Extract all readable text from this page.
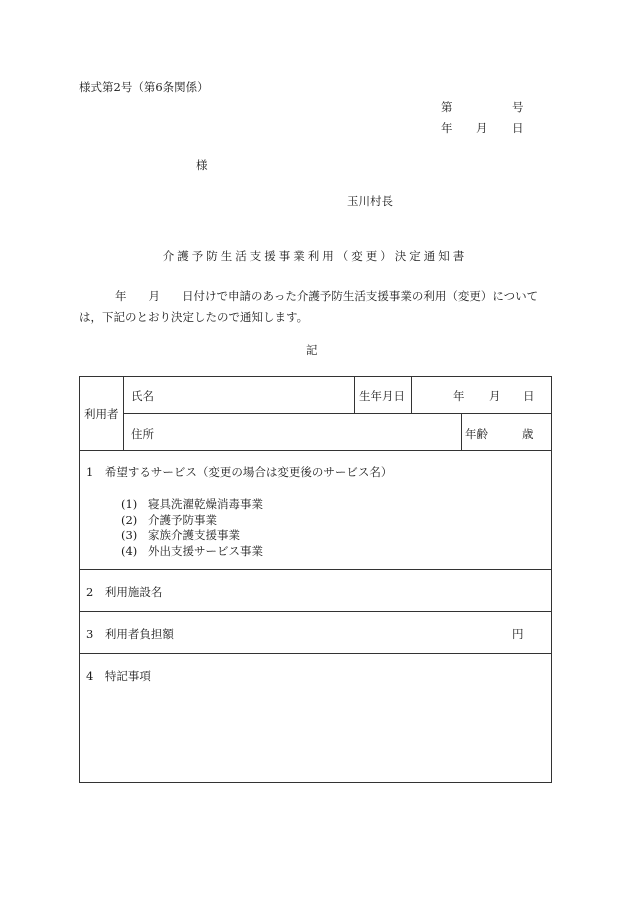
様式第2号（第6条関係）
第	号
年 月 日
様
玉川村長
介護予防生活支援事業利用（変更）決定通知書
年 月 日付けで申請のあった介護予防生活支援事業の利用（変更）については，下記のとおり決定したので通知します。
記
利用者
氏名	生年月日	年 月 日
住所	年齢	歳
1　希望するサービス（変更の場合は変更後のサービス名）
(1) 寝具洗濯乾燥消毒事業
(2) 介護予防事業
(3) 家族介護支援事業
(4) 外出支援サービス事業
2　利用施設名
3　利用者負担額	円
4　特記事項
